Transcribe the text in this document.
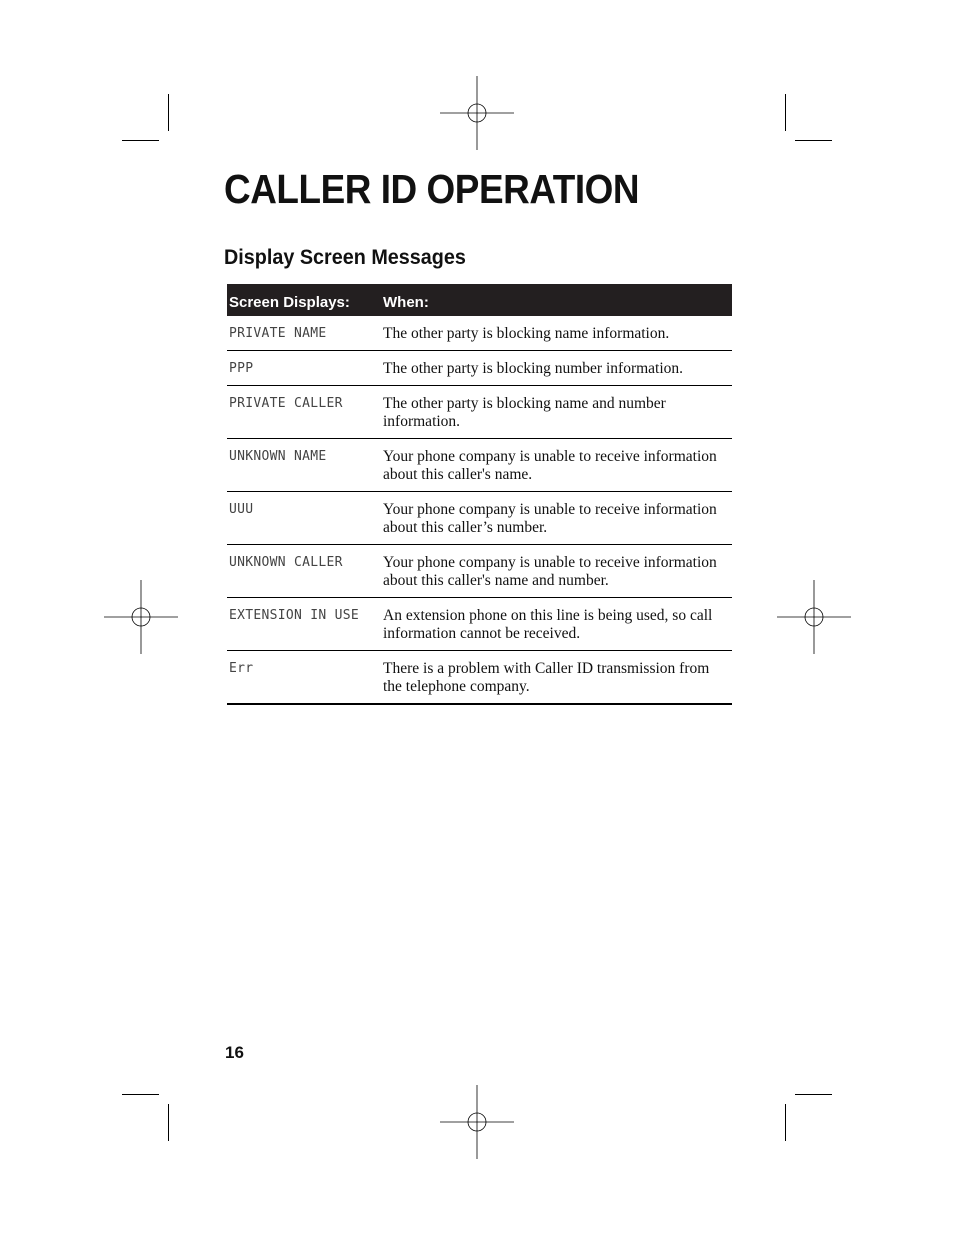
CALLER ID OPERATION
Display Screen Messages
Screen Displays:	When:
PRIVATE NAME	The other party is blocking name information.
PPP	The other party is blocking number information.
PRIVATE CALLER	The other party is blocking name and number information.
UNKNOWN NAME	Your phone company is unable to receive information about this caller's name.
UUU	Your phone company is unable to receive information about this caller’s number.
UNKNOWN CALLER	Your phone company is unable to receive information about this caller's name and number.
EXTENSION IN USE	An extension phone on this line is being used, so call information cannot be received.
Err	There is a problem with Caller ID transmission from the telephone company.

16
